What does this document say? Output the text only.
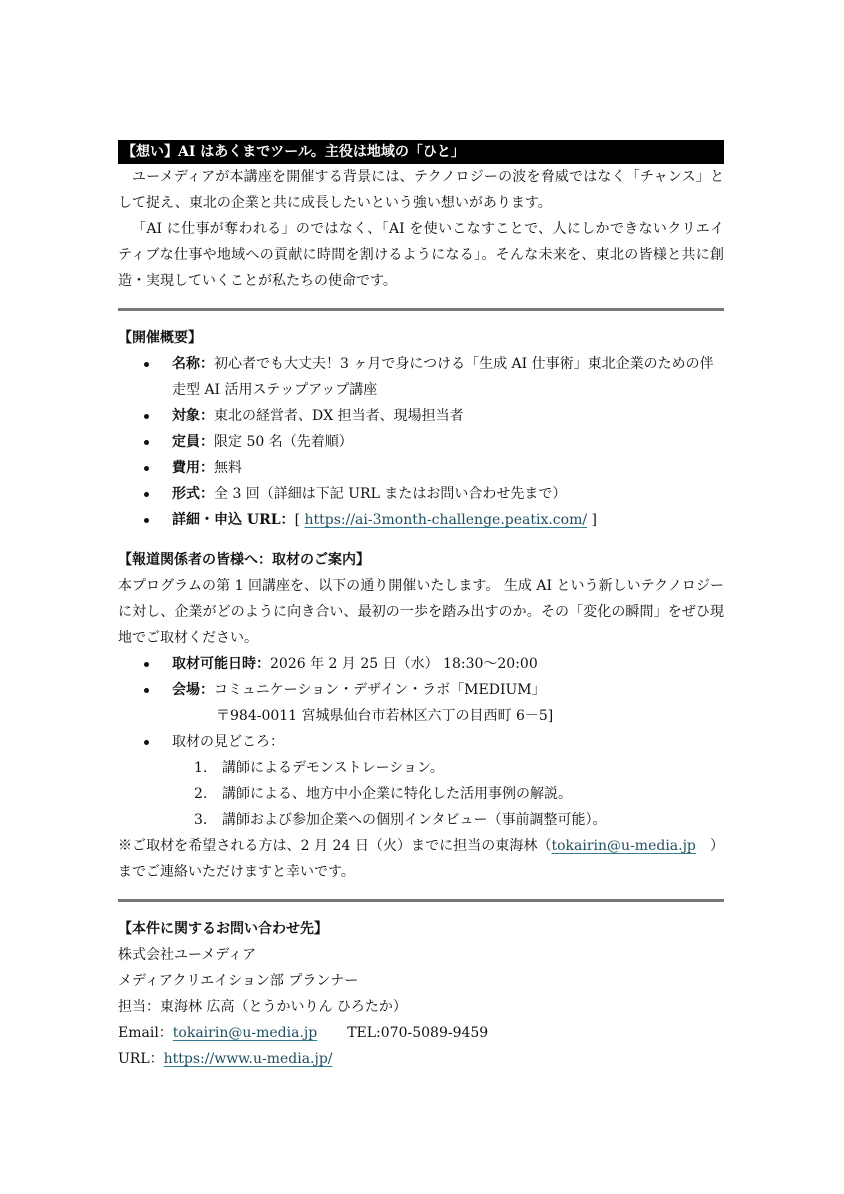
【想い】AI はあくまでツール。主役は地域の「ひと」

ユーメディアが本講座を開催する背景には、テクノロジーの波を脅威ではなく「チャンス」として捉え、東北の企業と共に成長したいという強い想いがあります。

「AI に仕事が奪われる」のではなく、「AI を使いこなすことで、人にしかできないクリエイティブな仕事や地域への貢献に時間を割けるようになる」。そんな未来を、東北の皆様と共に創造・実現していくことが私たちの使命です。

【開催概要】
名称：初心者でも大丈夫！3 ヶ月で身につける「生成 AI 仕事術」東北企業のための伴走型 AI 活用ステップアップ講座
対象：東北の経営者、DX 担当者、現場担当者
定員：限定 50 名（先着順）
費用：無料
形式：全 3 回（詳細は下記 URL またはお問い合わせ先まで）
詳細・申込 URL：[ https://ai-3month-challenge.peatix.com/ ]
【報道関係者の皆様へ：取材のご案内】

本プログラムの第 1 回講座を、以下の通り開催いたします。 生成 AI という新しいテクノロジーに対し、企業がどのように向き合い、最初の一歩を踏み出すのか。その「変化の瞬間」をぜひ現地でご取材ください。

取材可能日時：2026 年 2 月 25 日（水） 18:30～20:00
会場：コミュニケーション・デザイン・ラボ「MEDIUM」
〒984-0011 宮城県仙台市若林区六丁の目西町 6－5]
取材の見どころ：
1.	講師によるデモンストレーション。
2.	講師による、地方中小企業に特化した活用事例の解説。
3.	講師および参加企業への個別インタビュー（事前調整可能）。

※ご取材を希望される方は、2 月 24 日（火）までに担当の東海林（tokairin@u-media.jp　）までご連絡いただけますと幸いです。

【本件に関するお問い合わせ先】
株式会社ユーメディア
メディアクリエイション部 プランナー
担当：東海林 広高（とうかいりん ひろたか）
Email：tokairin@u-media.jp TEL:070-5089-9459
URL：https://www.u-media.jp/
